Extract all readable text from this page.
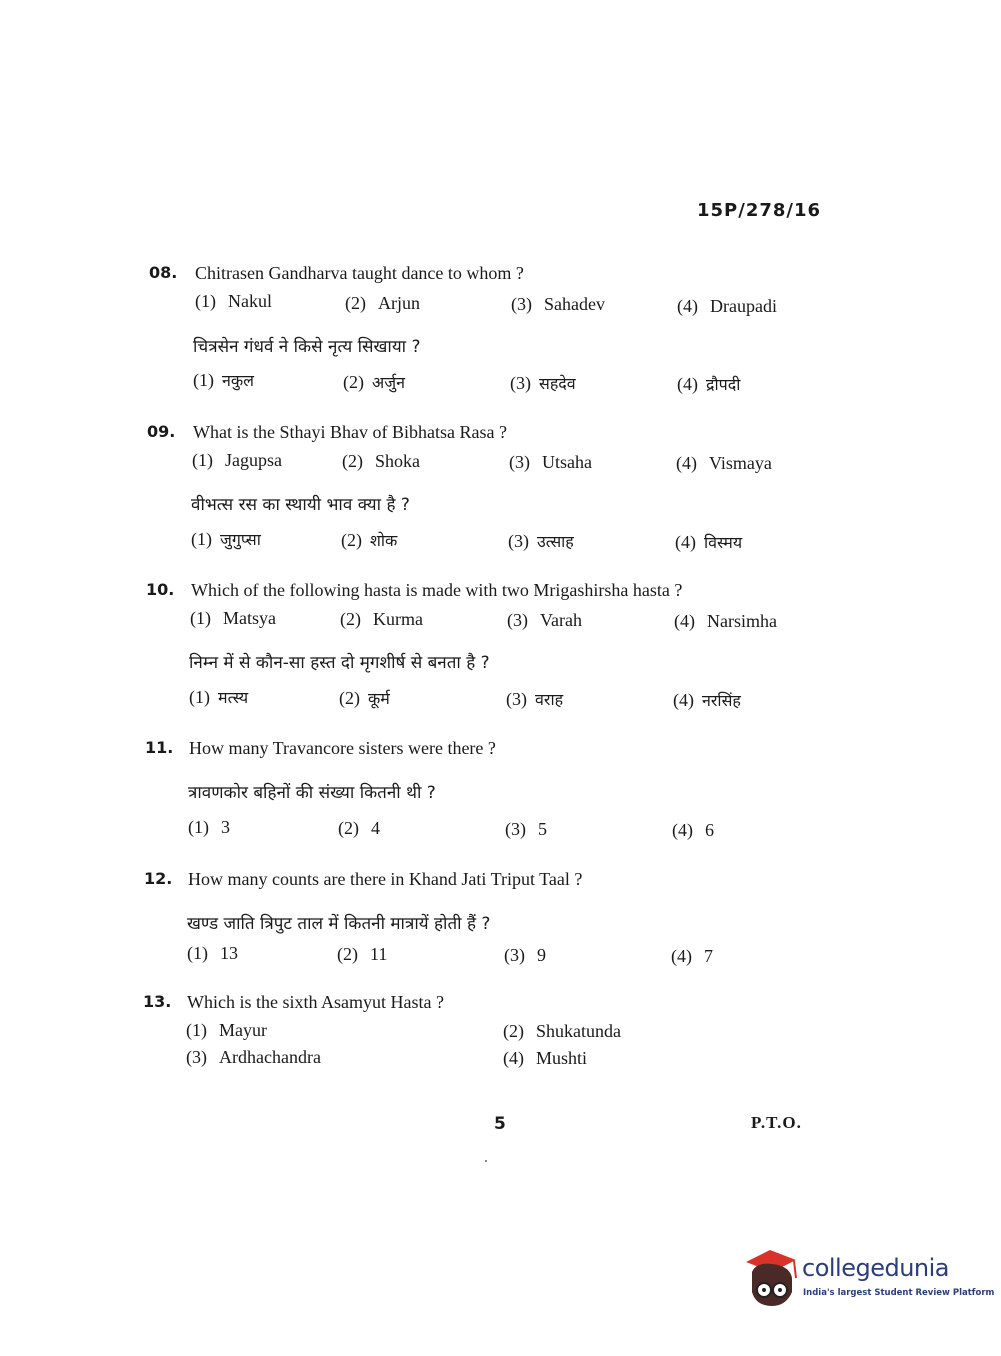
15P/278/16
08. Chitrasen Gandharva taught dance to whom ?
(1) Nakul	(2) Arjun	(3) Sahadev	(4) Draupadi
चित्रसेन गंधर्व ने किसे नृत्य सिखाया ?
(1) नकुल	(2) अर्जुन	(3) सहदेव	(4) द्रौपदी
09. What is the Sthayi Bhav of Bibhatsa Rasa ?
(1) Jagupsa	(2) Shoka	(3) Utsaha	(4) Vismaya
वीभत्स रस का स्थायी भाव क्या है ?
(1) जुगुप्सा	(2) शोक	(3) उत्साह	(4) विस्मय
10. Which of the following hasta is made with two Mrigashirsha hasta ?
(1) Matsya	(2) Kurma	(3) Varah	(4) Narsimha
निम्न में से कौन-सा हस्त दो मृगशीर्ष से बनता है ?
(1) मत्स्य	(2) कूर्म	(3) वराह	(4) नरसिंह
11. How many Travancore sisters were there ?
त्रावणकोर बहिनों की संख्या कितनी थी ?
(1) 3	(2) 4	(3) 5	(4) 6
12. How many counts are there in Khand Jati Triput Taal ?
खण्ड जाति त्रिपुट ताल में कितनी मात्रायें होती हैं ?
(1) 13	(2) 11	(3) 9	(4) 7
13. Which is the sixth Asamyut Hasta ?
(1) Mayur	(2) Shukatunda
(3) Ardhachandra	(4) Mushti
5	P.T.O.
collegedunia
India's largest Student Review Platform
